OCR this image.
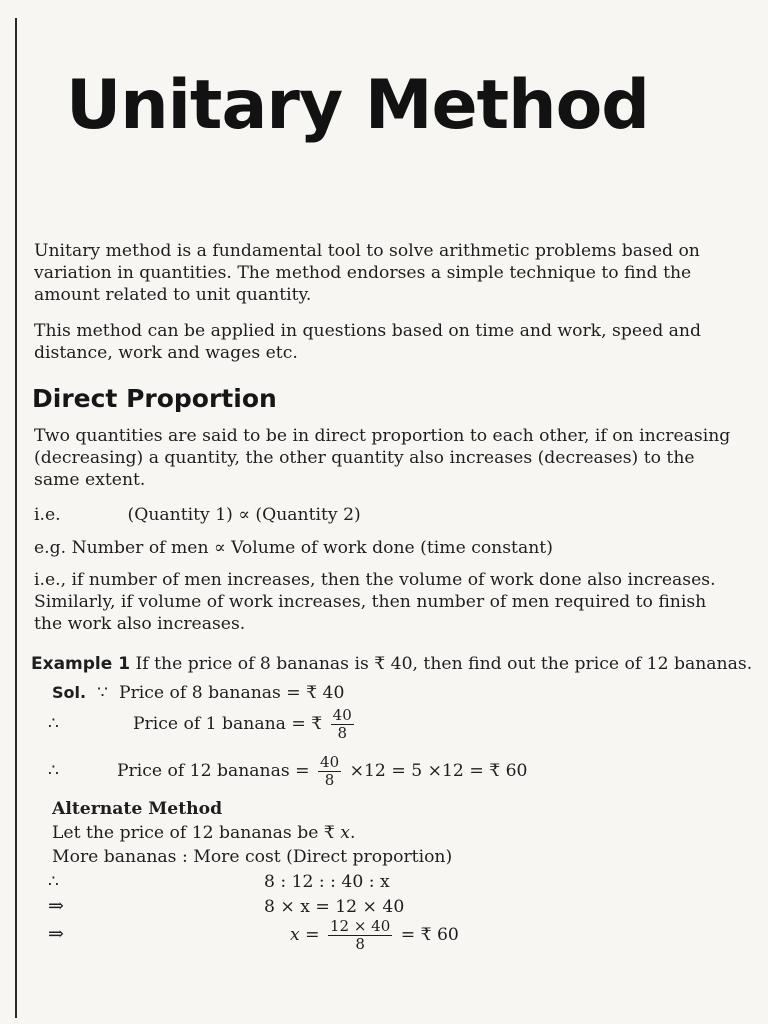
Unitary Method
Unitary method is a fundamental tool to solve arithmetic problems based on variation in quantities. The method endorses a simple technique to find the amount related to unit quantity.
This method can be applied in questions based on time and work, speed and distance, work and wages etc.
Direct Proportion
Two quantities are said to be in direct proportion to each other, if on increasing (decreasing) a quantity, the other quantity also increases (decreases) to the same extent.
i.e.	(Quantity 1) ∝ (Quantity 2)
e.g. Number of men ∝ Volume of work done (time constant)
i.e., if number of men increases, then the volume of work done also increases. Similarly, if volume of work increases, then number of men required to finish the work also increases.
Example 1 If the price of 8 bananas is ₹ 40, then find out the price of 12 bananas.
Sol. ∵ Price of 8 bananas = ₹ 40
∴	Price of 1 banana = ₹ $\frac{40}{8}$
∴	Price of 12 bananas = $\frac{40}{8} \times 12 = 5 \times 12$ = ₹ 60
Alternate Method
Let the price of 12 bananas be ₹ x.
More bananas : More cost (Direct proportion)
∴	8 : 12 : : 40 : x
⇒	8 × x = 12 × 40
⇒	$x = \frac{12 \times 40}{8}$ = ₹ 60
